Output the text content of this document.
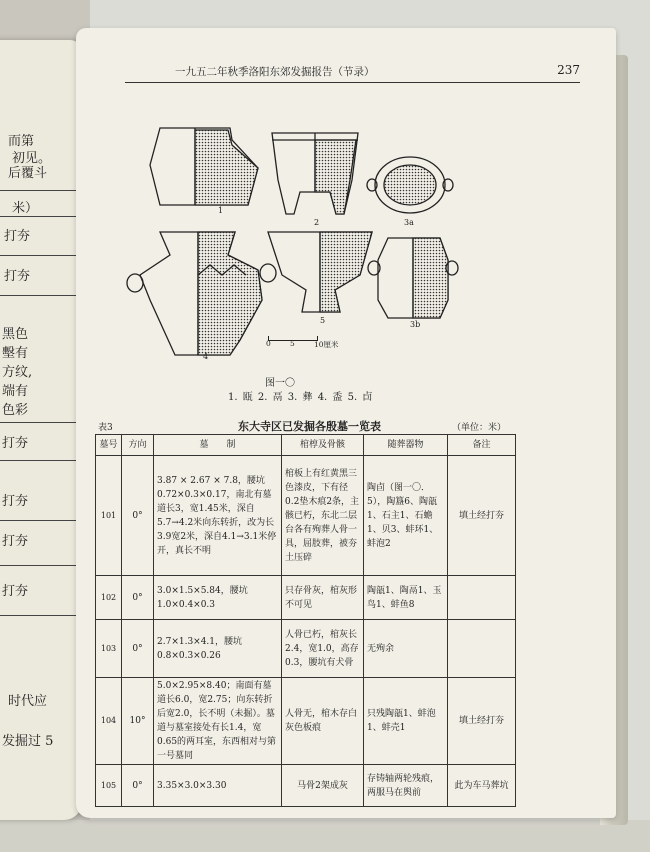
而第
初见。
后覆斗
米）
打夯
打夯
黑色
墼有
方纹,
端有
色彩
打夯
打夯
打夯
打夯
时代应
发掘过 5
一九五二年秋季洛阳东郊发掘报告（节录）	237
1
2	3a
4
5	3b
0	5	10厘米
图一〇
1. 瓯 2. 鬲 3. 彝 4. 盉 5. 卣
表3	东大寺区已发掘各殷墓一览表	（单位：米）
墓号	方向	墓　　制	棺椁及骨骸	随葬器物	备注
101	0°	3.87 × 2.67 × 7.8，腰坑0.72×0.3×0.17，南北有墓道长3，宽1.45米，深自5.7→4.2米向东转折，改为长3.9宽2米，深自4.1→3.1米停开，真长不明	棺板上有红黄黑三色漆皮，下有径0.2垫木痕2条，主骸已朽，东北二层台各有殉葬人骨一具，屈肢葬，被夯土压碎	陶卣（图一〇．5），陶簋6、陶瓿1、石主1、石蟾1、贝3、蚌环1、蚌泡2	填土经打夯
102	0°	3.0×1.5×5.84，腰坑1.0×0.4×0.3	只存骨灰，棺灰形不可见	陶瓿1、陶鬲1、玉鸟1、蚌鱼8	
103	0°	2.7×1.3×4.1，腰坑0.8×0.3×0.26	人骨已朽，棺灰长2.4，宽1.0，高存0.3，腰坑有犬骨	无殉余	
104	10°	5.0×2.95×8.40；南面有墓道长6.0，宽2.75；向东转折后宽2.0，长不明（未掘）。墓道与墓室接处有长1.4，宽0.65的两耳室，东西相对与第一号墓同	人骨无，棺木存白灰色板痕	只残陶瓿1、蚌泡1、蚌壳1	填土经打夯
105	0°	3.35×3.0×3.30	马骨2架成灰	存铸轴两轮残痕，两服马在舆前	此为车马葬坑
